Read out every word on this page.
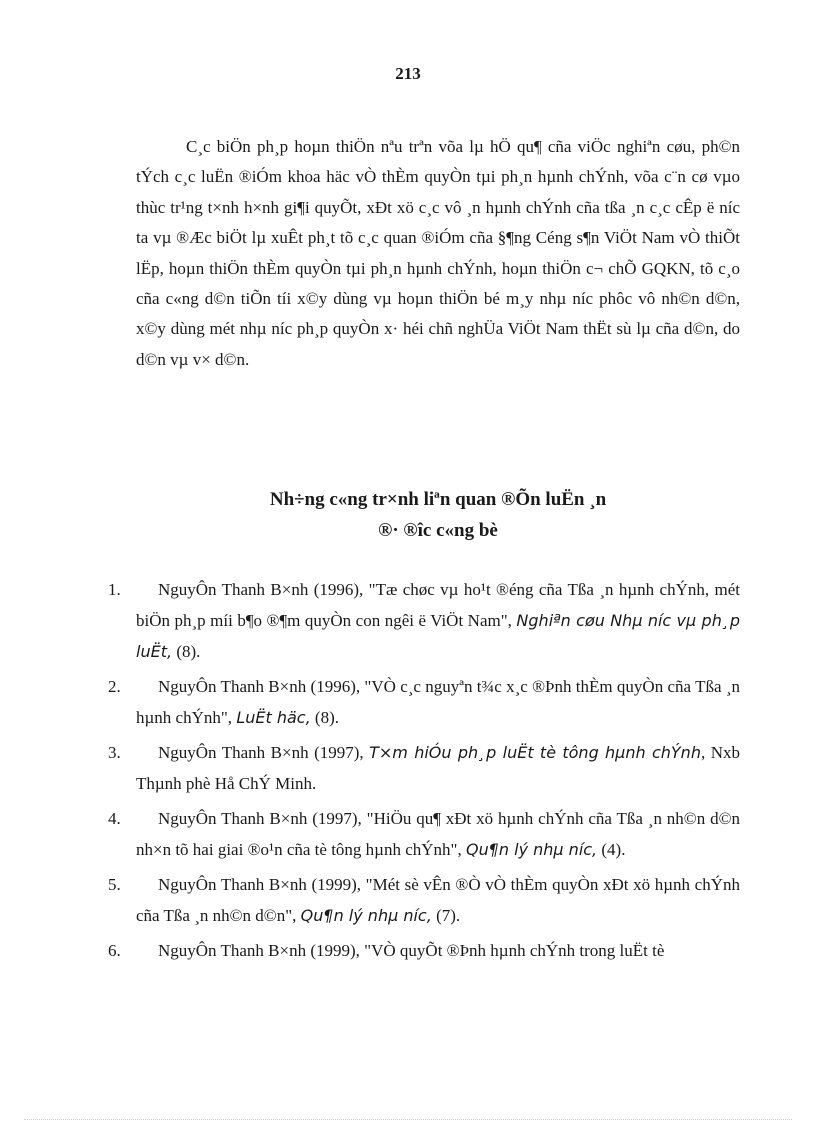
213

C¸c biÖn ph¸p hoµn thiÖn nªu trªn võa lµ hÖ qu¶ cña viÖc nghiªn cøu, ph©n tÝch c¸c luËn ®iÓm khoa häc vÒ thÈm quyÒn tµi ph¸n hµnh chÝnh, võa c¨n cø vµo thùc tr¹ng t×nh h×nh gi¶i quyÕt, xÐt xö c¸c vô ¸n hµnh chÝnh cña tßa ¸n c¸c cÊp ë níc ta vµ ®Æc biÖt lµ xuÊt ph¸t tõ c¸c quan ®iÓm cña §¶ng Céng s¶n ViÖt Nam vÒ thiÕt lËp, hoµn thiÖn thÈm quyÒn tµi ph¸n hµnh chÝnh, hoµn thiÖn c¬ chÕ GQKN, tõ c¸o cña c«ng d©n tiÕn tíi x©y dùng vµ hoµn thiÖn bé m¸y nhµ níc phôc vô nh©n d©n, x©y dùng mét nhµ níc ph¸p quyÒn x· héi chñ nghÜa ViÖt Nam thËt sù lµ cña d©n, do d©n vµ v× d©n.

Nh÷ng c«ng tr×nh liªn quan ®Õn luËn ¸n
®· ®îc c«ng bè
1.	NguyÔn Thanh B×nh (1996), "Tæ chøc vµ ho¹t ®éng cña Tßa ¸n hµnh chÝnh, mét biÖn ph¸p míi b¶o ®¶m quyÒn con ngêi ë ViÖt Nam", Nghiªn cøu Nhµ níc vµ ph¸p luËt, (8).
2.	NguyÔn Thanh B×nh (1996), "VÒ c¸c nguyªn t¾c x¸c ®Þnh thÈm quyÒn cña Tßa ¸n hµnh chÝnh", LuËt häc, (8).
3.	NguyÔn Thanh B×nh (1997), T×m hiÓu ph¸p luËt tè tông hµnh chÝnh, Nxb Thµnh phè Hå ChÝ Minh.
4.	NguyÔn Thanh B×nh (1997), "HiÖu qu¶ xÐt xö hµnh chÝnh cña Tßa ¸n nh©n d©n nh×n tõ hai giai ®o¹n cña tè tông hµnh chÝnh", Qu¶n lý nhµ níc, (4).
5.	NguyÔn Thanh B×nh (1999), "Mét sè vÊn ®Ò vÒ thÈm quyÒn xÐt xö hµnh chÝnh cña Tßa ¸n nh©n d©n", Qu¶n lý nhµ níc, (7).
6.	NguyÔn Thanh B×nh (1999), "VÒ quyÕt ®Þnh hµnh chÝnh trong luËt tè
